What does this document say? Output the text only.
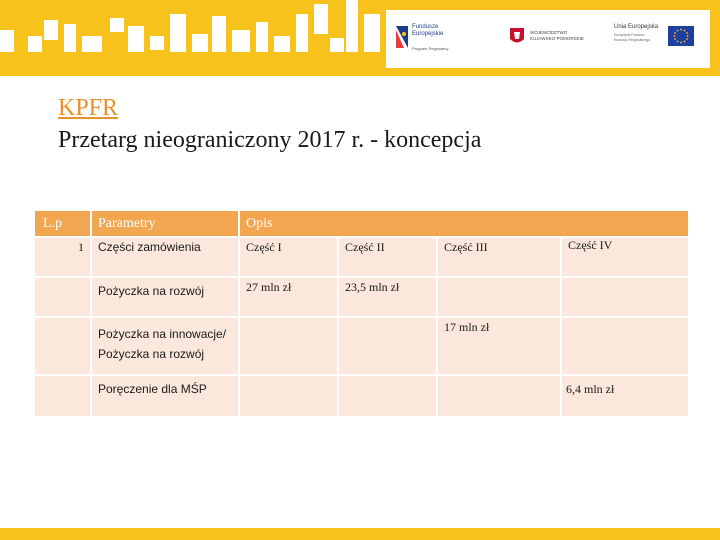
Fundusze
Europejskie
Program Regionalny
WOJEWÓDZTWO
KUJAWSKO-POMORSKIE
Unia Europejska
Europejski Fundusz
Rozwoju Regionalnego
KPFR
Przetarg nieograniczony 2017 r. - koncepcja
L.p	Parametry	Opis			
1	Części zamówienia	Część I	Część II	Część III	Część IV
	Pożyczka na rozwój	27 mln zł	23,5 mln zł		

	Pożyczka na innowacje/
Pożyczka na rozwój			17 mln zł	
	Poręczenie dla MŚP				6,4 mln zł
